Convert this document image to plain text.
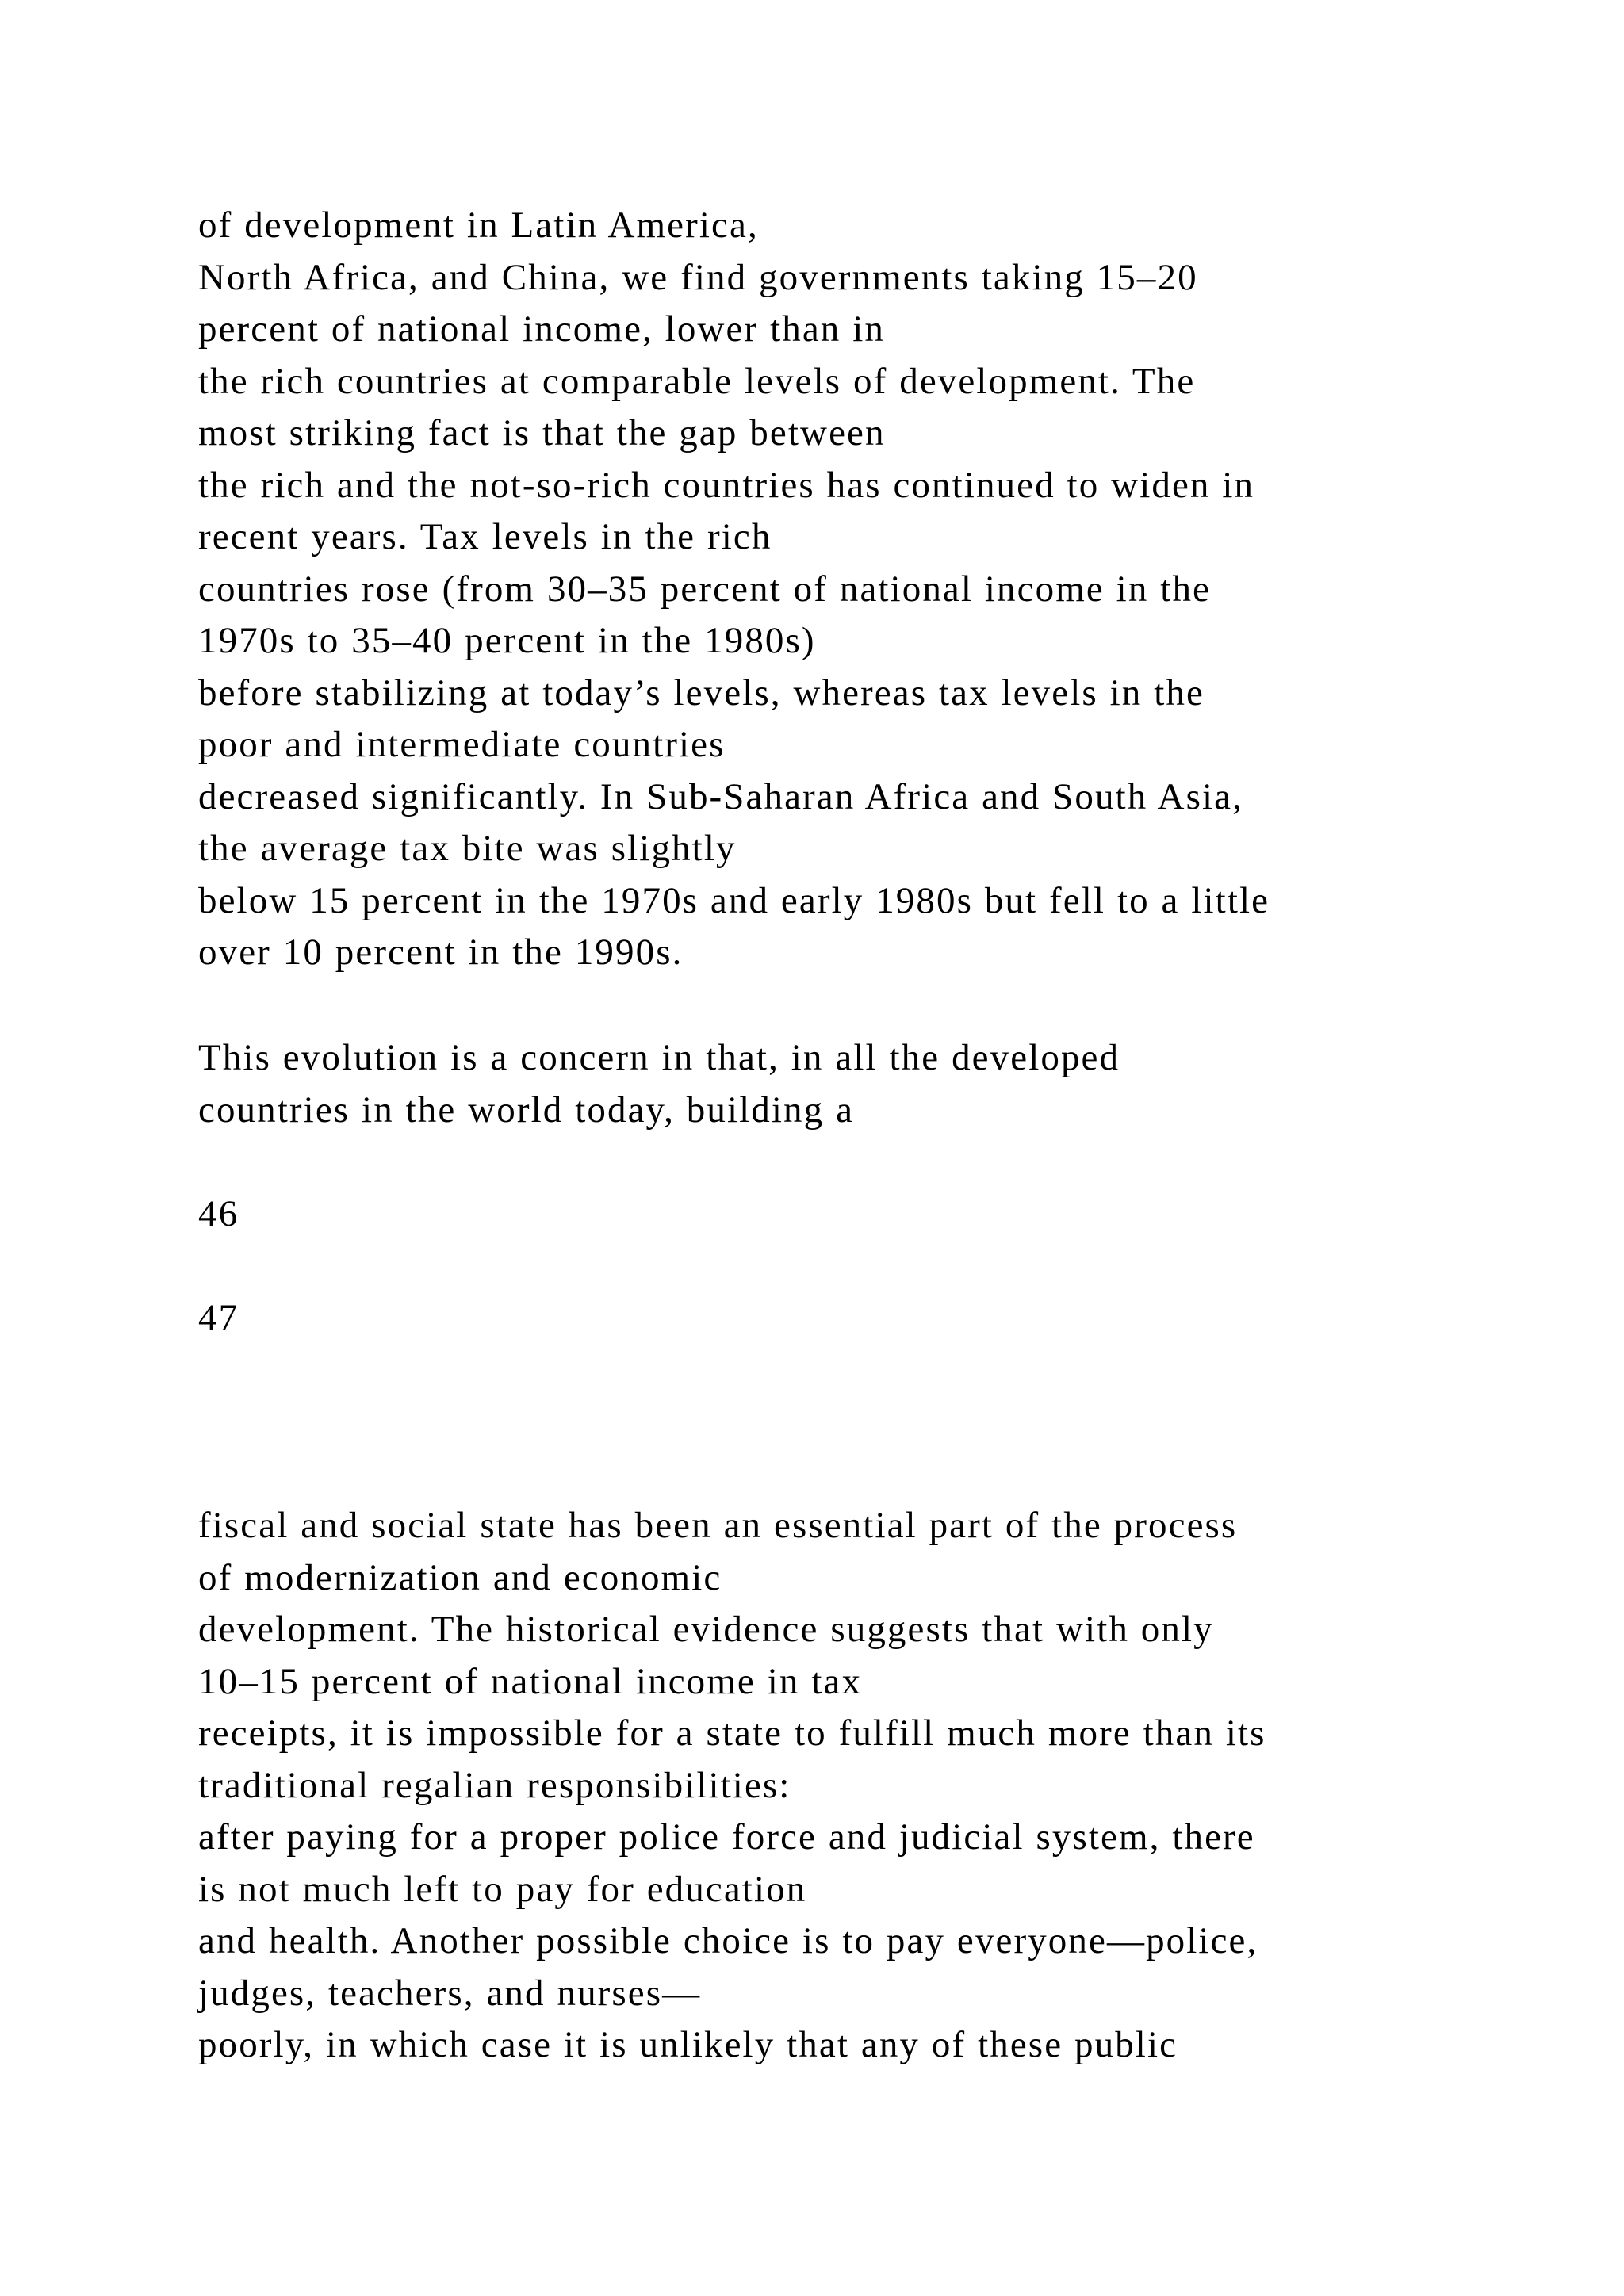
of development in Latin America,
North Africa, and China, we find governments taking 15–20
percent of national income, lower than in
the rich countries at comparable levels of development. The
most striking fact is that the gap between
the rich and the not-so-rich countries has continued to widen in
recent years. Tax levels in the rich
countries rose (from 30–35 percent of national income in the
1970s to 35–40 percent in the 1980s)
before stabilizing at today’s levels, whereas tax levels in the
poor and intermediate countries
decreased significantly. In Sub-Saharan Africa and South Asia,
the average tax bite was slightly
below 15 percent in the 1970s and early 1980s but fell to a little
over 10 percent in the 1990s.
This evolution is a concern in that, in all the developed
countries in the world today, building a
46
47
fiscal and social state has been an essential part of the process
of modernization and economic
development. The historical evidence suggests that with only
10–15 percent of national income in tax
receipts, it is impossible for a state to fulfill much more than its
traditional regalian responsibilities:
after paying for a proper police force and judicial system, there
is not much left to pay for education
and health. Another possible choice is to pay everyone—police,
judges, teachers, and nurses—
poorly, in which case it is unlikely that any of these public
